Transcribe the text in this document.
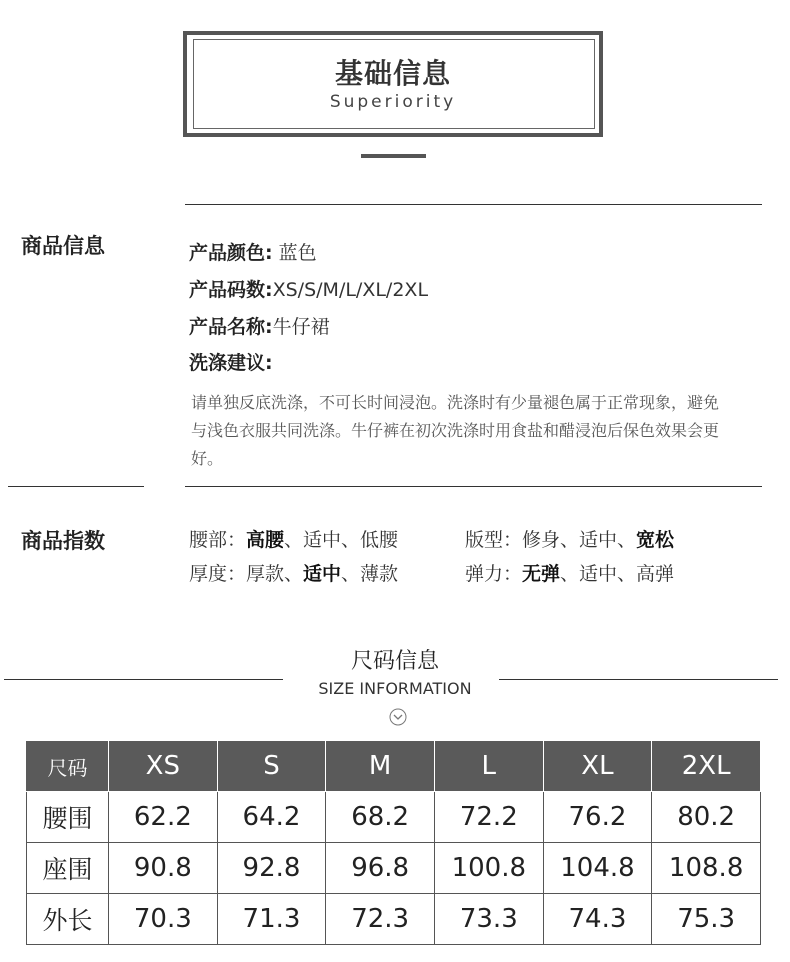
基础信息
Superiority
商品信息	产品颜色: 蓝色
产品码数:XS/S/M/L/XL/2XL
产品名称:牛仔裙
洗涤建议:
请单独反底洗涤，不可长时间浸泡。洗涤时有少量褪色属于正常现象，避免与浅色衣服共同洗涤。牛仔裤在初次洗涤时用食盐和醋浸泡后保色效果会更好。
商品指数	腰部：高腰、适中、低腰	版型：修身、适中、宽松
厚度：厚款、适中、薄款	弹力：无弹、适中、高弹
尺码信息
SIZE INFORMATION
尺码	XS	S	M	L	XL	2XL
腰围	62.2	64.2	68.2	72.2	76.2	80.2
座围	90.8	92.8	96.8	100.8	104.8	108.8
外长	70.3	71.3	72.3	73.3	74.3	75.3
